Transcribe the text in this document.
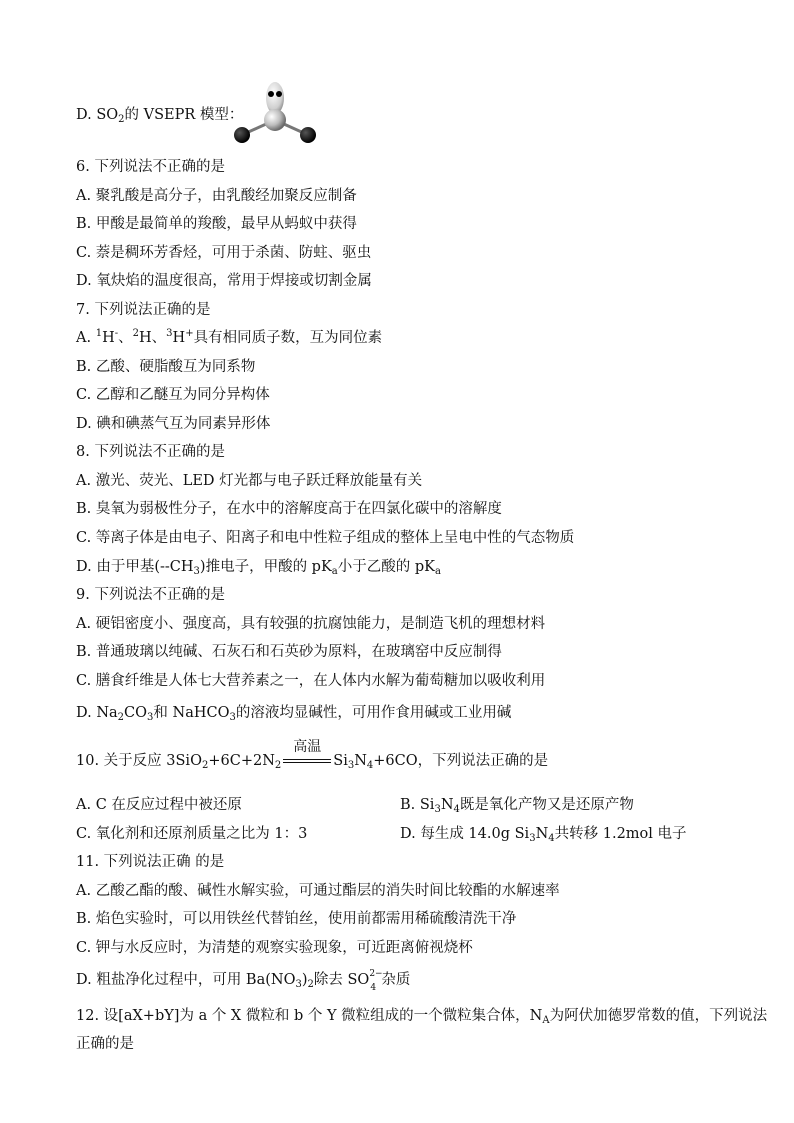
D. $SO_2$的 VSEPR 模型：
6. 下列说法不正确的是
A. 聚乳酸是高分子，由乳酸经加聚反应制备
B. 甲酸是最简单的羧酸，最早从蚂蚁中获得
C. 萘是稠环芳香烃，可用于杀菌、防蛀、驱虫
D. 氧炔焰的温度很高，常用于焊接或切割金属
7. 下列说法正确的是
A. $^1$H-、$^2$H、$^3$H+具有相同质子数，互为同位素
B. 乙酸、硬脂酸互为同系物
C. 乙醇和乙醚互为同分异构体
D. 碘和碘蒸气互为同素异形体
8. 下列说法不正确的是
A. 激光、荧光、LED 灯光都与电子跃迁释放能量有关
B. 臭氧为弱极性分子，在水中的溶解度高于在四氯化碳中的溶解度
C. 等离子体是由电子、阳离子和电中性粒子组成的整体上呈电中性的气态物质
D. 由于甲基$(--CH_3)$推电子，甲酸的 $pK_a$小于乙酸的 $pK_a$
9. 下列说法不正确的是
A. 硬铝密度小、强度高，具有较强的抗腐蚀能力，是制造飞机的理想材料
B. 普通玻璃以纯碱、石灰石和石英砂为原料，在玻璃窑中反应制得
C. 膳食纤维是人体七大营养素之一，在人体内水解为葡萄糖加以吸收利用
D. $Na_2CO_3$和 NaHCO$_3$的溶液均显碱性，可用作食用碱或工业用碱
10. 关于反应 $3SiO_2+6C+2N_2$
高温
$Si_3N_4+6CO$，下列说法正确的是
A. C 在反应过程中被还原	B. $Si_3N_4$既是氧化产物又是还原产物
C. 氧化剂和还原剂质量之比为 1：3	D. 每生成 14.0g $Si_3N_4$共转移 1.2mol 电子
11. 下列说法正确 的是
A. 乙酸乙酯的酸、碱性水解实验，可通过酯层的消失时间比较酯的水解速率
B. 焰色实验时，可以用铁丝代替铂丝，使用前都需用稀硫酸清洗干净
C. 钾与水反应时，为清楚的观察实验现象，可近距离俯视烧杯
D. 粗盐净化过程中，可用 $Ba(NO_3)_2$除去 SO 2−
4 杂质
12. 设[aX+bY]为 a 个 X 微粒和 b 个 Y 微粒组成的一个微粒集合体，$N_A$为阿伏加德罗常数的值，下列说法
正确的是
